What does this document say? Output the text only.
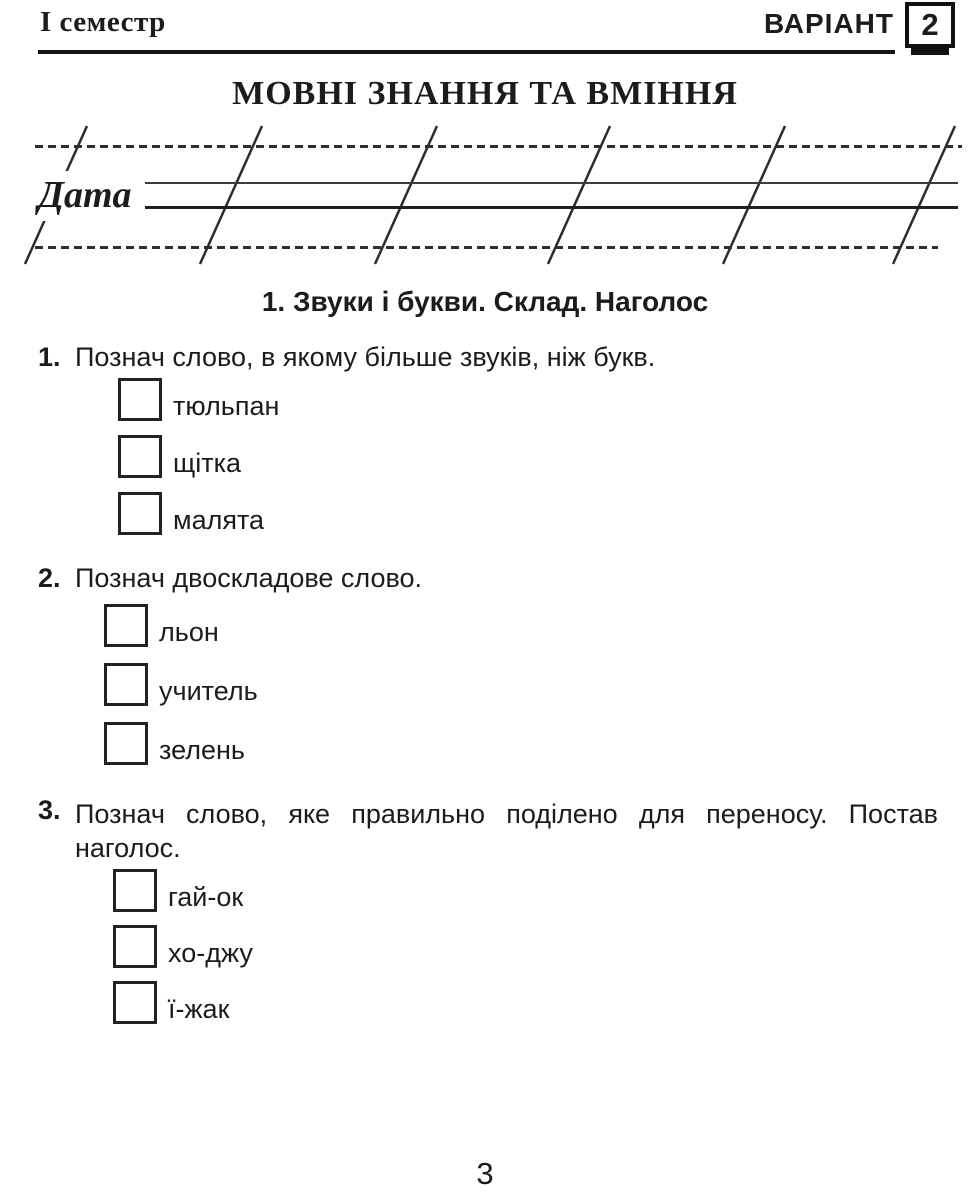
І семестр	ВАРІАНТ 2
МОВНІ ЗНАННЯ ТА ВМІННЯ
Дата
1. Звуки і букви. Склад. Наголос
1. Познач слово, в якому більше звуків, ніж букв.
тюльпан
щітка
малята
2. Познач двоскладове слово.
льон
учитель
зелень
3. Познач слово, яке правильно поділено для переносу. Постав
наголос.
гай-ок
хо-джу
ї-жак
3
